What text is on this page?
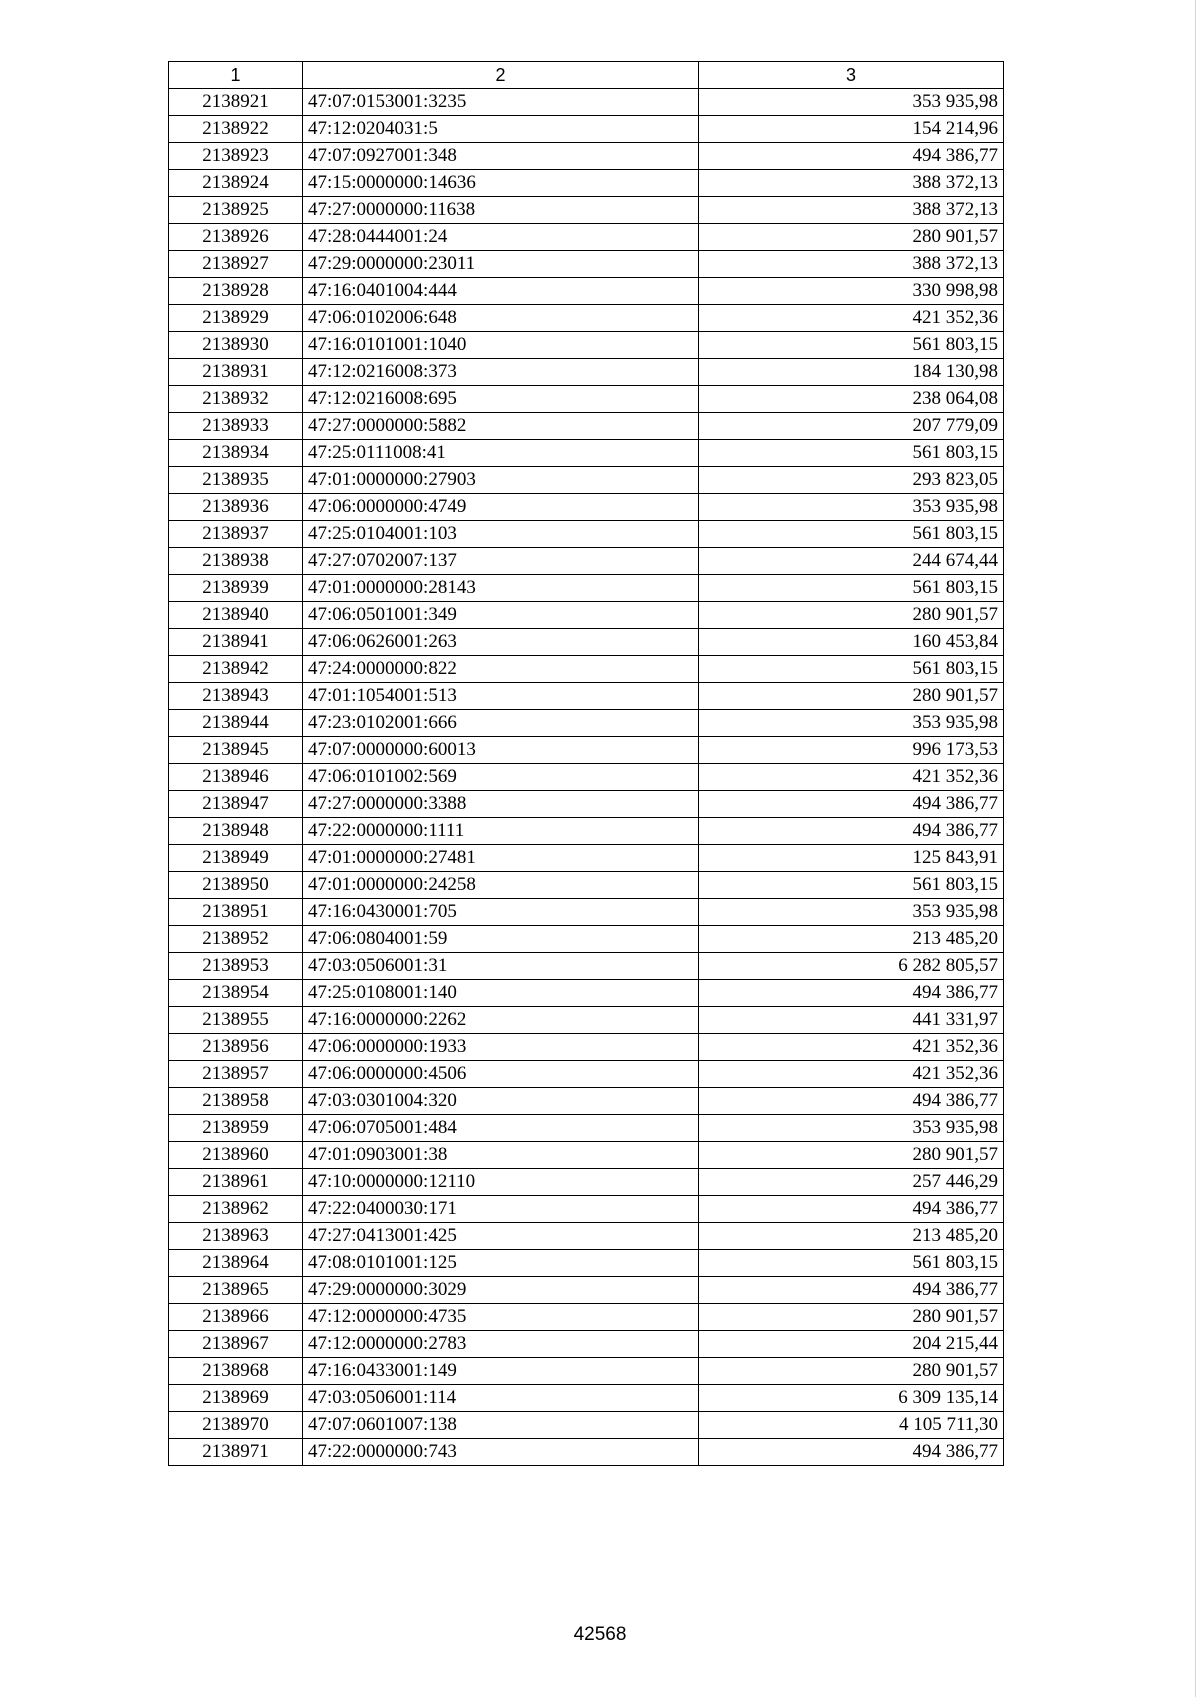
1	2	3
2138921	47:07:0153001:3235	353 935,98
2138922	47:12:0204031:5	154 214,96
2138923	47:07:0927001:348	494 386,77
2138924	47:15:0000000:14636	388 372,13
2138925	47:27:0000000:11638	388 372,13
2138926	47:28:0444001:24	280 901,57
2138927	47:29:0000000:23011	388 372,13
2138928	47:16:0401004:444	330 998,98
2138929	47:06:0102006:648	421 352,36
2138930	47:16:0101001:1040	561 803,15
2138931	47:12:0216008:373	184 130,98
2138932	47:12:0216008:695	238 064,08
2138933	47:27:0000000:5882	207 779,09
2138934	47:25:0111008:41	561 803,15
2138935	47:01:0000000:27903	293 823,05
2138936	47:06:0000000:4749	353 935,98
2138937	47:25:0104001:103	561 803,15
2138938	47:27:0702007:137	244 674,44
2138939	47:01:0000000:28143	561 803,15
2138940	47:06:0501001:349	280 901,57
2138941	47:06:0626001:263	160 453,84
2138942	47:24:0000000:822	561 803,15
2138943	47:01:1054001:513	280 901,57
2138944	47:23:0102001:666	353 935,98
2138945	47:07:0000000:60013	996 173,53
2138946	47:06:0101002:569	421 352,36
2138947	47:27:0000000:3388	494 386,77
2138948	47:22:0000000:1111	494 386,77
2138949	47:01:0000000:27481	125 843,91
2138950	47:01:0000000:24258	561 803,15
2138951	47:16:0430001:705	353 935,98
2138952	47:06:0804001:59	213 485,20
2138953	47:03:0506001:31	6 282 805,57
2138954	47:25:0108001:140	494 386,77
2138955	47:16:0000000:2262	441 331,97
2138956	47:06:0000000:1933	421 352,36
2138957	47:06:0000000:4506	421 352,36
2138958	47:03:0301004:320	494 386,77
2138959	47:06:0705001:484	353 935,98
2138960	47:01:0903001:38	280 901,57
2138961	47:10:0000000:12110	257 446,29
2138962	47:22:0400030:171	494 386,77
2138963	47:27:0413001:425	213 485,20
2138964	47:08:0101001:125	561 803,15
2138965	47:29:0000000:3029	494 386,77
2138966	47:12:0000000:4735	280 901,57
2138967	47:12:0000000:2783	204 215,44
2138968	47:16:0433001:149	280 901,57
2138969	47:03:0506001:114	6 309 135,14
2138970	47:07:0601007:138	4 105 711,30
2138971	47:22:0000000:743	494 386,77
42568
